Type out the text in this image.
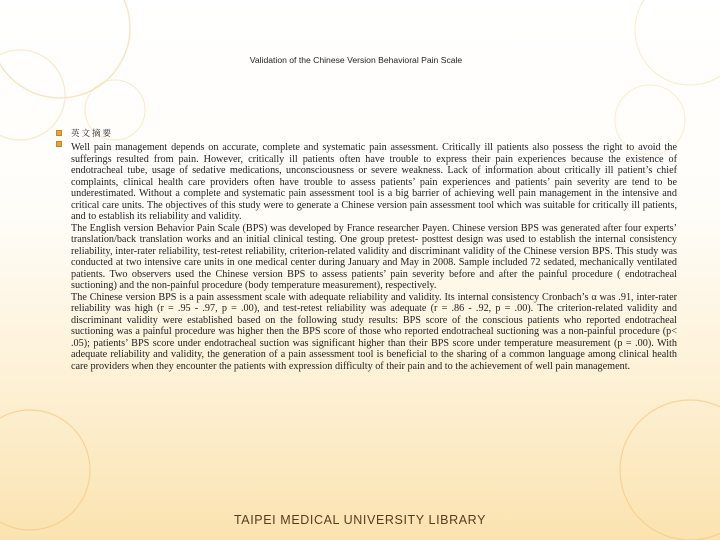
Validation of the Chinese Version Behavioral Pain Scale
英文摘要

Well pain management depends on accurate, complete and systematic pain assessment. Critically ill patients also possess the right to avoid the sufferings resulted from pain. However, critically ill patients often have trouble to express their pain experiences because the existence of endotracheal tube, usage of sedative medications, unconsciousness or severe weakness. Lack of information about critically ill patient’s chief complaints, clinical health care providers often have trouble to assess patients’ pain experiences and patients’ pain severity are tend to be underestimated. Without a complete and systematic pain assessment tool is a big barrier of achieving well pain management in the intensive and critical care units. The objectives of this study were to generate a Chinese version pain assessment tool which was suitable for critically ill patients, and to establish its reliability and validity.

The English version Behavior Pain Scale (BPS) was developed by France researcher Payen. Chinese version BPS was generated after four experts’ translation/back translation works and an initial clinical testing. One group pretest- posttest design was used to establish the internal consistency reliability, inter-rater reliability, test-retest reliability, criterion-related validity and discriminant validity of the Chinese version BPS. This study was conducted at two intensive care units in one medical center during January and May in 2008. Sample included 72 sedated, mechanically ventilated patients. Two observers used the Chinese version BPS to assess patients’ pain severity before and after the painful procedure ( endotracheal suctioning) and the non-painful procedure (body temperature measurement), respectively.

The Chinese version BPS is a pain assessment scale with adequate reliability and validity. Its internal consistency Cronbach’s α was .91, inter-rater reliability was high (r = .95 - .97, p = .00), and test-retest reliability was adequate (r = .86 - .92, p = .00). The criterion-related validity and discriminant validity were established based on the following study results: BPS score of the conscious patients who reported endotracheal suctioning was a painful procedure was higher then the BPS score of those who reported endotracheal suctioning was a non-painful procedure (p< .05); patients’ BPS score under endotracheal suction was significant higher than their BPS score under temperature measurement (p = .00). With adequate reliability and validity, the generation of a pain assessment tool is beneficial to the sharing of a common language among clinical health care providers when they encounter the patients with expression difficulty of their pain and to the achievement of well pain management.

TAIPEI MEDICAL UNIVERSITY LIBRARY
